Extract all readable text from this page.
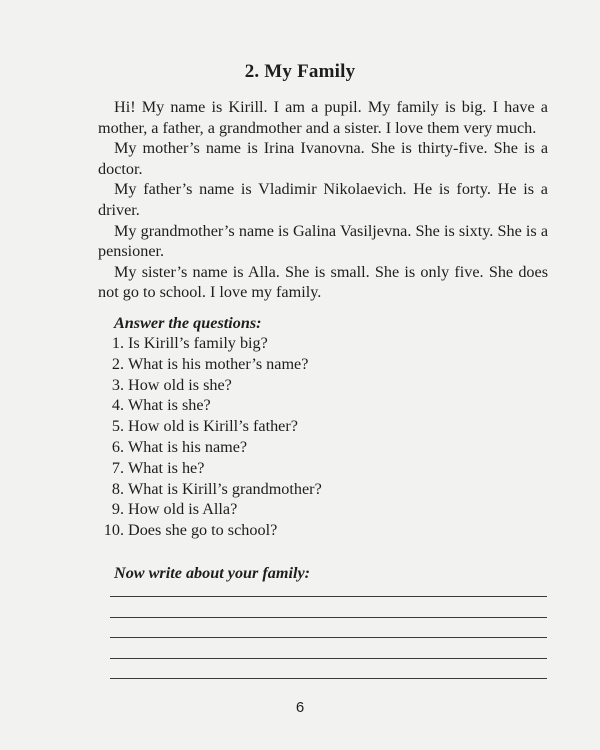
2. My Family

Hi! My name is Kirill. I am a pupil. My family is big. I have a mother, a father, a grandmother and a sister. I love them very much.

My mother’s name is Irina Ivanovna. She is thirty-five. She is a doctor.

My father’s name is Vladimir Nikolaevich. He is forty. He is a driver.

My grandmother’s name is Galina Vasiljevna. She is sixty. She is a pensioner.

My sister’s name is Alla. She is small. She is only five. She does not go to school. I love my family.

Answer the questions:
1. Is Kirill’s family big?
2. What is his mother’s name?
3. How old is she?
4. What is she?
5. How old is Kirill’s father?
6. What is his name?
7. What is he?
8. What is Kirill’s grandmother?
9. How old is Alla?
10. Does she go to school?
Now write about your family:
6
